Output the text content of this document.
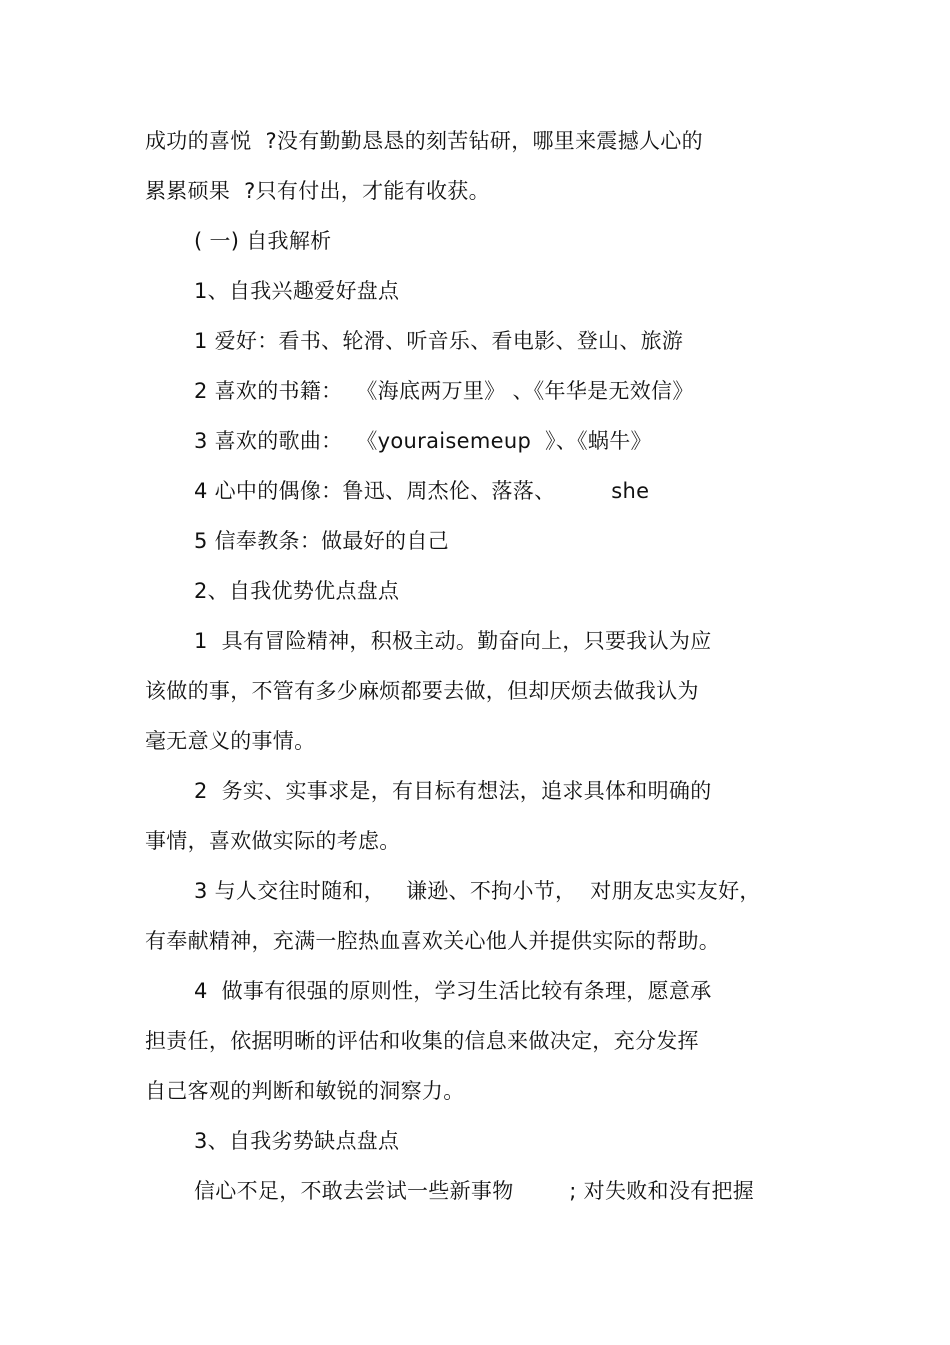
成功的喜悦  ?没有勤勤恳恳的刻苦钻研，哪里来震撼人心的
累累硕果  ?只有付出，才能有收获。
( 一) 自我解析
1、自我兴趣爱好盘点
1 爱好：看书、轮滑、听音乐、看电影、登山、旅游
2 喜欢的书籍：  《海底两万里》 、《年华是无效信》
3 喜欢的歌曲：  《youraisemeup  》、《蜗牛》
4 心中的偶像：鲁迅、周杰伦、落落、        she
5 信奉教条：做最好的自己
2、自我优势优点盘点
1  具有冒险精神，积极主动。勤奋向上，只要我认为应
该做的事，不管有多少麻烦都要去做，但却厌烦去做我认为
毫无意义的事情。
2  务实、实事求是，有目标有想法，追求具体和明确的
事情，喜欢做实际的考虑。
3 与人交往时随和，   谦逊、不拘小节，  对朋友忠实友好，
有奉献精神，充满一腔热血喜欢关心他人并提供实际的帮助。
4  做事有很强的原则性，学习生活比较有条理，愿意承
担责任，依据明晰的评估和收集的信息来做决定，充分发挥
自己客观的判断和敏锐的洞察力。
3、自我劣势缺点盘点
信心不足，不敢去尝试一些新事物        ; 对失败和没有把握
